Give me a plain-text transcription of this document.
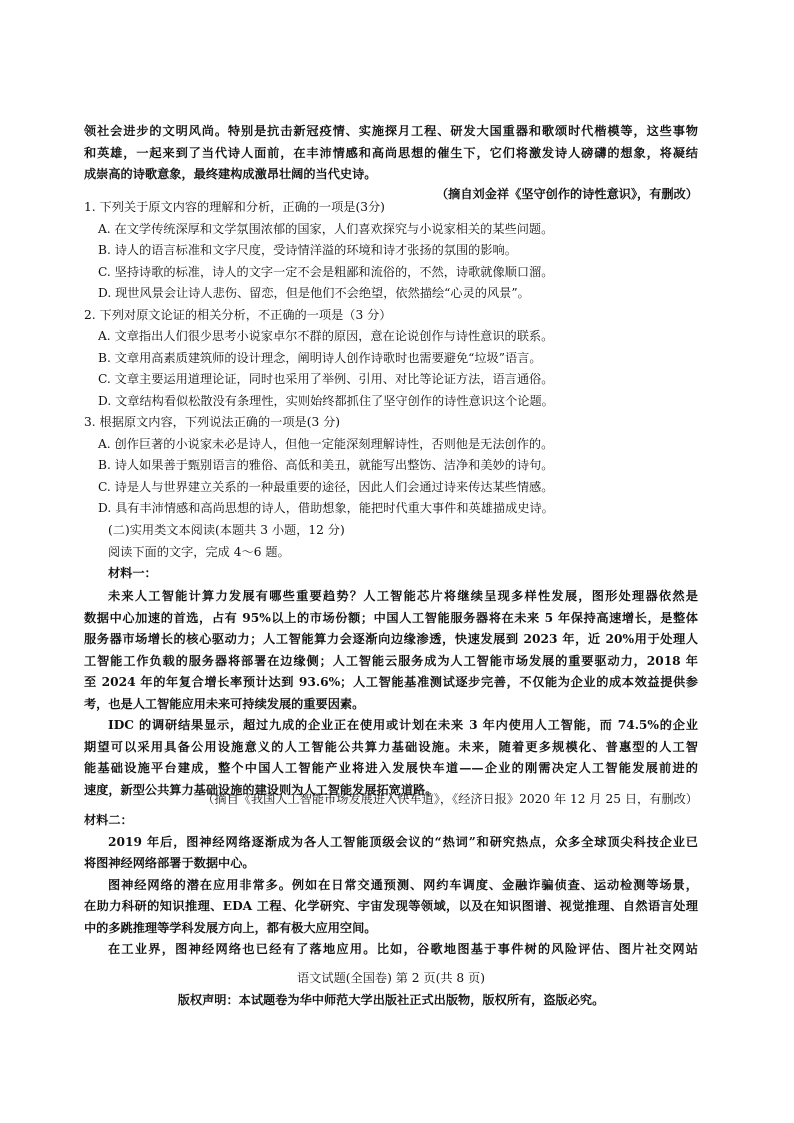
领社会进步的文明风尚。特别是抗击新冠疫情、实施探月工程、研发大国重器和歌颂时代楷模等，这些事物
和英雄，一起来到了当代诗人面前，在丰沛情感和高尚思想的催生下，它们将激发诗人磅礴的想象，将凝结
成崇高的诗歌意象，最终建构成激昂壮阔的当代史诗。
（摘自刘金祥《坚守创作的诗性意识》，有删改）
1. 下列关于原文内容的理解和分析，正确的一项是(3分)
A. 在文学传统深厚和文学氛围浓郁的国家，人们喜欢探究与小说家相关的某些问题。
B. 诗人的语言标准和文字尺度，受诗情洋溢的环境和诗才张扬的氛围的影响。
C. 坚持诗歌的标准，诗人的文字一定不会是粗鄙和流俗的，不然，诗歌就像顺口溜。
D. 现世风景会让诗人悲伤、留恋，但是他们不会绝望，依然描绘“心灵的风景”。
2. 下列对原文论证的相关分析，不正确的一项是（3 分）
A. 文章指出人们很少思考小说家卓尔不群的原因，意在论说创作与诗性意识的联系。
B. 文章用高素质建筑师的设计理念，阐明诗人创作诗歌时也需要避免“垃圾”语言。
C. 文章主要运用道理论证，同时也采用了举例、引用、对比等论证方法，语言通俗。
D. 文章结构看似松散没有条理性，实则始终都抓住了坚守创作的诗性意识这个论题。
3. 根据原文内容，下列说法正确的一项是(3 分)
A. 创作巨著的小说家未必是诗人，但他一定能深刻理解诗性，否则他是无法创作的。
B. 诗人如果善于甄别语言的雅俗、高低和美丑，就能写出整饬、洁净和美妙的诗句。
C. 诗是人与世界建立关系的一种最重要的途径，因此人们会通过诗来传达某些情感。
D. 具有丰沛情感和高尚思想的诗人，借助想象，能把时代重大事件和英雄描成史诗。
(二)实用类文本阅读(本题共 3 小题，12 分)
阅读下面的文字，完成 4～6 题。
材料一：
未来人工智能计算力发展有哪些重要趋势？人工智能芯片将继续呈现多样性发展，图形处理器依然是
数据中心加速的首选，占有 95%以上的市场份额；中国人工智能服务器将在未来 5 年保持高速增长，是整体
服务器市场增长的核心驱动力；人工智能算力会逐渐向边缘渗透，快速发展到 2023 年，近 20%用于处理人
工智能工作负载的服务器将部署在边缘侧；人工智能云服务成为人工智能市场发展的重要驱动力，2018 年
至 2024 年的年复合增长率预计达到 93.6%；人工智能基准测试逐步完善，不仅能为企业的成本效益提供参
考，也是人工智能应用未来可持续发展的重要因素。
IDC 的调研结果显示，超过九成的企业正在使用或计划在未来 3 年内使用人工智能，而 74.5%的企业
期望可以采用具备公用设施意义的人工智能公共算力基础设施。未来，随着更多规模化、普惠型的人工智
能基础设施平台建成，整个中国人工智能产业将进入发展快车道——企业的刚需决定人工智能发展前进的
速度，新型公共算力基础设施的建设则为人工智能发展拓宽道路。
（摘自《我国人工智能市场发展进入快车道》，《经济日报》2020 年 12 月 25 日，有删改）
材料二：
2019 年后，图神经网络逐渐成为各人工智能顶级会议的“热词”和研究热点，众多全球顶尖科技企业已
将图神经网络部署于数据中心。
图神经网络的潜在应用非常多。例如在日常交通预测、网约车调度、金融诈骗侦查、运动检测等场景，
在助力科研的知识推理、EDA 工程、化学研究、宇宙发现等领域，以及在知识图谱、视觉推理、自然语言处理
中的多跳推理等学科发展方向上，都有极大应用空间。
在工业界，图神经网络也已经有了落地应用。比如，谷歌地图基于事件树的风险评估、图片社交网站
语文试题(全国卷) 第 2 页(共 8 页)
版权声明：本试题卷为华中师范大学出版社正式出版物，版权所有，盗版必究。
